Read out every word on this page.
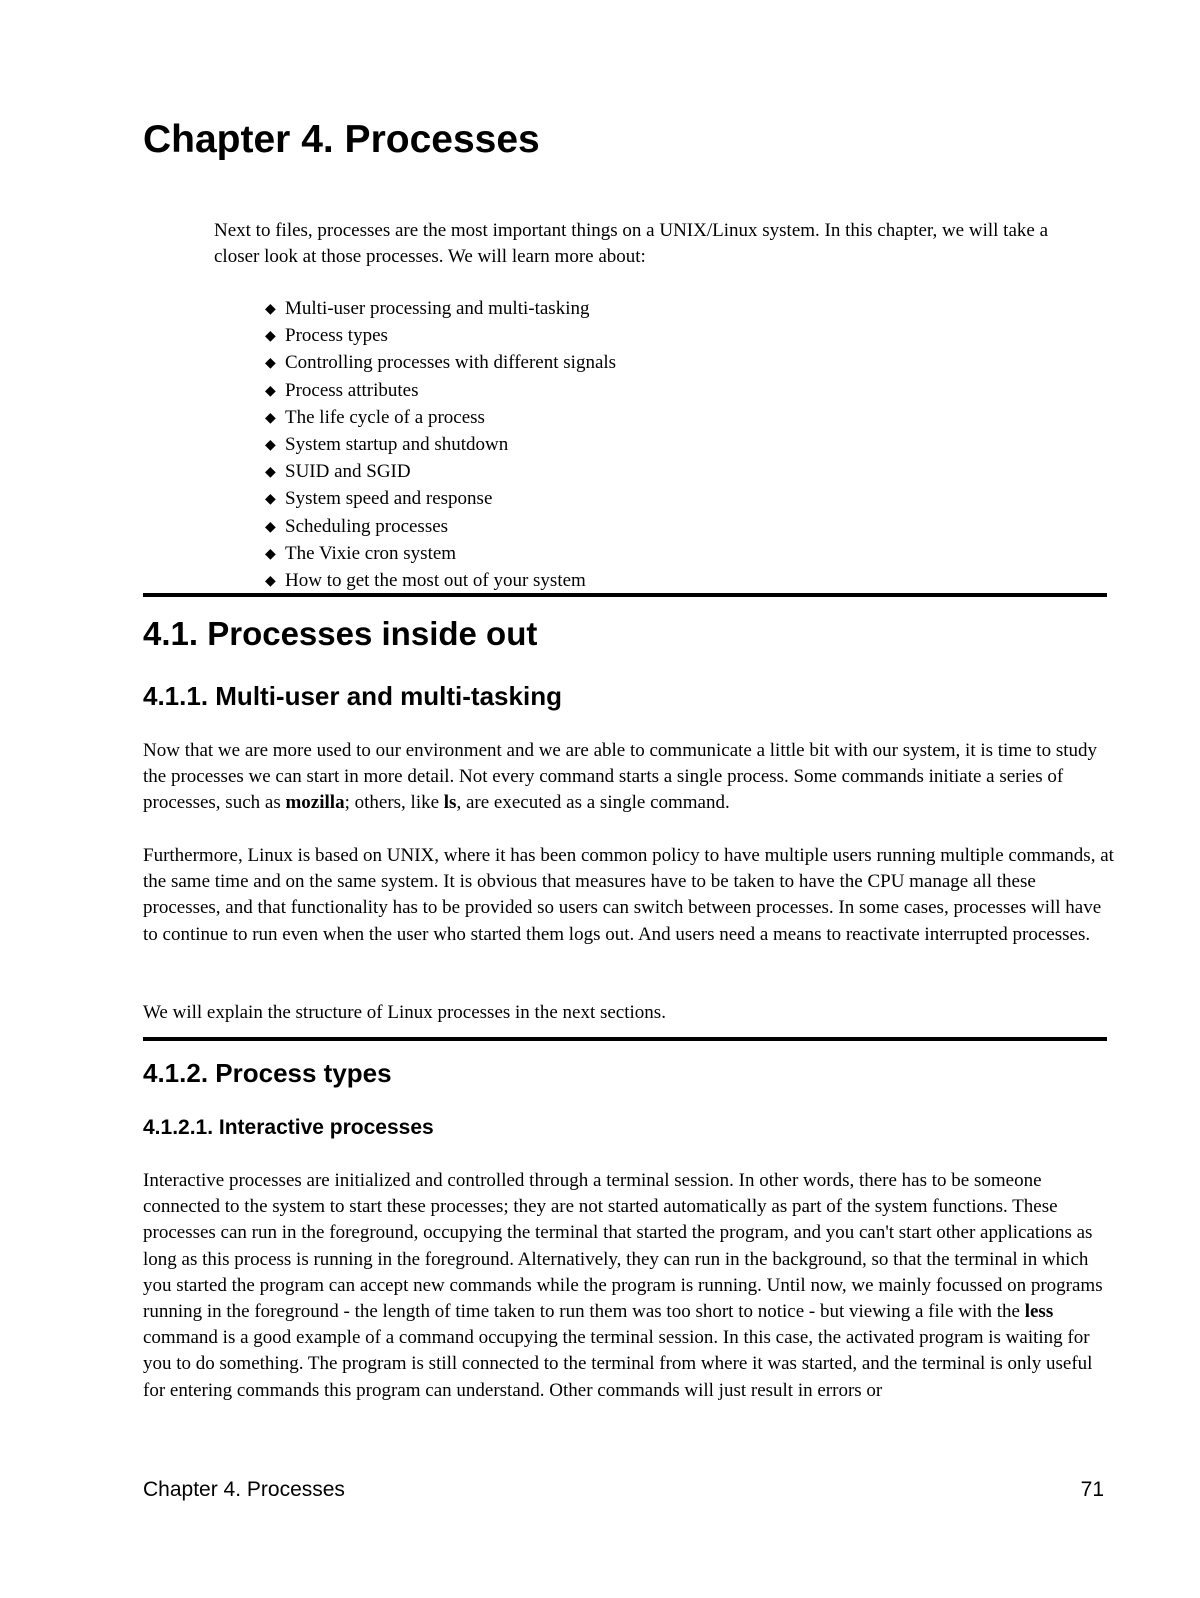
Chapter 4. Processes

Next to files, processes are the most important things on a UNIX/Linux system. In this chapter, we will take a closer look at those processes. We will learn more about:

◆ Multi-user processing and multi-tasking
◆ Process types
◆ Controlling processes with different signals
◆ Process attributes
◆ The life cycle of a process
◆ System startup and shutdown
◆ SUID and SGID
◆ System speed and response
◆ Scheduling processes
◆ The Vixie cron system
◆ How to get the most out of your system
4.1. Processes inside out
4.1.1. Multi-user and multi-tasking

Now that we are more used to our environment and we are able to communicate a little bit with our system, it is time to study the processes we can start in more detail. Not every command starts a single process. Some commands initiate a series of processes, such as mozilla; others, like ls, are executed as a single command.

Furthermore, Linux is based on UNIX, where it has been common policy to have multiple users running multiple commands, at the same time and on the same system. It is obvious that measures have to be taken to have the CPU manage all these processes, and that functionality has to be provided so users can switch between processes. In some cases, processes will have to continue to run even when the user who started them logs out. And users need a means to reactivate interrupted processes.

We will explain the structure of Linux processes in the next sections.

4.1.2. Process types
4.1.2.1. Interactive processes

Interactive processes are initialized and controlled through a terminal session. In other words, there has to be someone connected to the system to start these processes; they are not started automatically as part of the system functions. These processes can run in the foreground, occupying the terminal that started the program, and you can't start other applications as long as this process is running in the foreground. Alternatively, they can run in the background, so that the terminal in which you started the program can accept new commands while the program is running. Until now, we mainly focussed on programs running in the foreground - the length of time taken to run them was too short to notice - but viewing a file with the less command is a good example of a command occupying the terminal session. In this case, the activated program is waiting for you to do something. The program is still connected to the terminal from where it was started, and the terminal is only useful for entering commands this program can understand. Other commands will just result in errors or

Chapter 4. Processes	71
